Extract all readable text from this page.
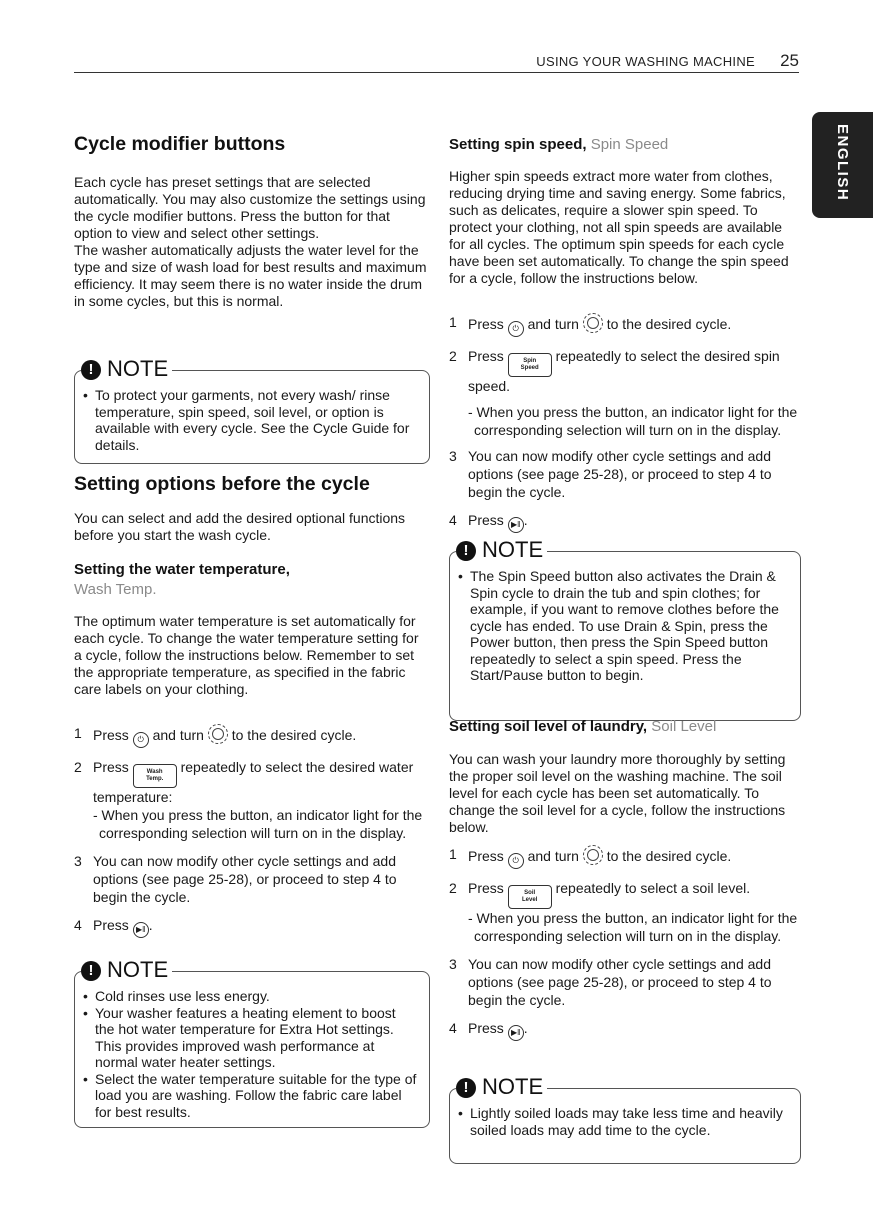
USING YOUR WASHING MACHINE 25
ENGLISH
Cycle modifier buttons

Each cycle has preset settings that are selected automatically. You may also customize the settings using the cycle modifier buttons. Press the button for that option to view and select other settings.

The washer automatically adjusts the water level for the type and size of wash load for best results and maximum efficiency. It may seem there is no water inside the drum in some cycles, but this is normal.

! NOTE
• To protect your garments, not every wash/ rinse temperature, spin speed, soil level, or option is available with every cycle. See the Cycle Guide for details.
Setting options before the cycle

You can select and add the desired optional functions before you start the wash cycle.

Setting the water temperature,
Wash Temp.

The optimum water temperature is set automatically for each cycle. To change the water temperature setting for a cycle, follow the instructions below. Remember to set the appropriate temperature, as specified in the fabric care labels on your clothing.

1 Press ⏻ and turn to the desired cycle.
2 Press	Wash
Temp. repeatedly to select the desired water temperature:
- When you press the button, an indicator light for the corresponding selection will turn on in the display.
3 You can now modify other cycle settings and add options (see page 25-28), or proceed to step 4 to begin the cycle.
4 Press ▶‖ .
! NOTE
• Cold rinses use less energy.
• Your washer features a heating element to boost the hot water temperature for Extra Hot settings. This provides improved wash performance at normal water heater settings.
• Select the water temperature suitable for the type of load you are washing. Follow the fabric care label for best results.
Setting spin speed, Spin Speed

Higher spin speeds extract more water from clothes, reducing drying time and saving energy. Some fabrics, such as delicates, require a slower spin speed. To protect your clothing, not all spin speeds are available for all cycles. The optimum spin speeds for each cycle have been set automatically. To change the spin speed for a cycle, follow the instructions below.

1 Press ⏻ and turn to the desired cycle.
2 Press	Spin
Speed repeatedly to select the desired spin speed.
- When you press the button, an indicator light for the corresponding selection will turn on in the display.
3 You can now modify other cycle settings and add options (see page 25-28), or proceed to step 4 to begin the cycle.
4 Press ▶‖ .
! NOTE
• The Spin Speed button also activates the Drain & Spin cycle to drain the tub and spin clothes; for example, if you want to remove clothes before the cycle has ended. To use Drain & Spin, press the Power button, then press the Spin Speed button repeatedly to select a spin speed. Press the Start/Pause button to begin.
Setting soil level of laundry, Soil Level

You can wash your laundry more thoroughly by setting the proper soil level on the washing machine. The soil level for each cycle has been set automatically. To change the soil level for a cycle, follow the instructions below.

1 Press ⏻ and turn to the desired cycle.
2 Press	Soil
Level repeatedly to select a soil level.
- When you press the button, an indicator light for the corresponding selection will turn on in the display.
3 You can now modify other cycle settings and add options (see page 25-28), or proceed to step 4 to begin the cycle.
4 Press ▶‖ .
! NOTE
• Lightly soiled loads may take less time and heavily soiled loads may add time to the cycle.
